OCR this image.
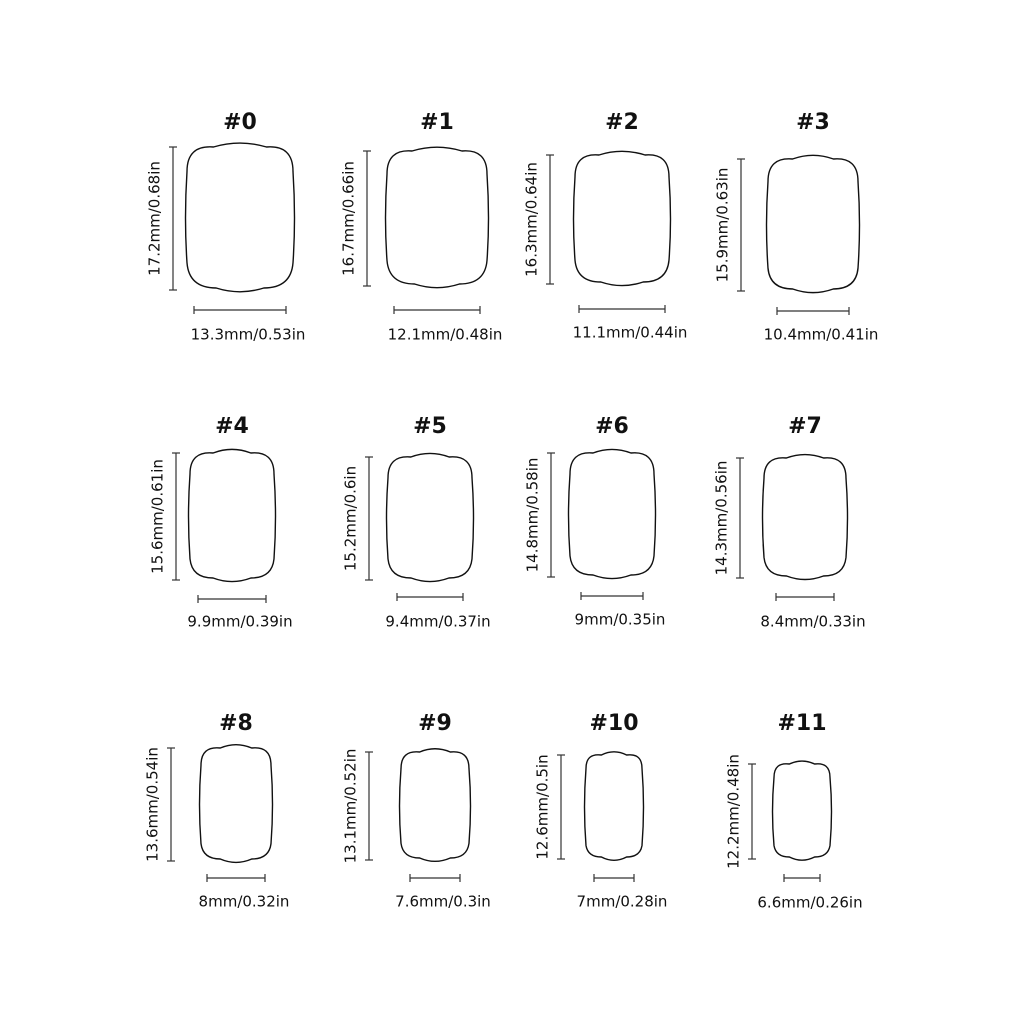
#0
17.2mm/0.68in
13.3mm/0.53in
#1
16.7mm/0.66in
12.1mm/0.48in
#2
16.3mm/0.64in
11.1mm/0.44in
#3
15.9mm/0.63in
10.4mm/0.41in
#4
15.6mm/0.61in
9.9mm/0.39in
#5
15.2mm/0.6in
9.4mm/0.37in
#6
14.8mm/0.58in
9mm/0.35in
#7
14.3mm/0.56in
8.4mm/0.33in
#8
13.6mm/0.54in
8mm/0.32in
#9
13.1mm/0.52in
7.6mm/0.3in
#10
12.6mm/0.5in
7mm/0.28in
#11
12.2mm/0.48in
6.6mm/0.26in
